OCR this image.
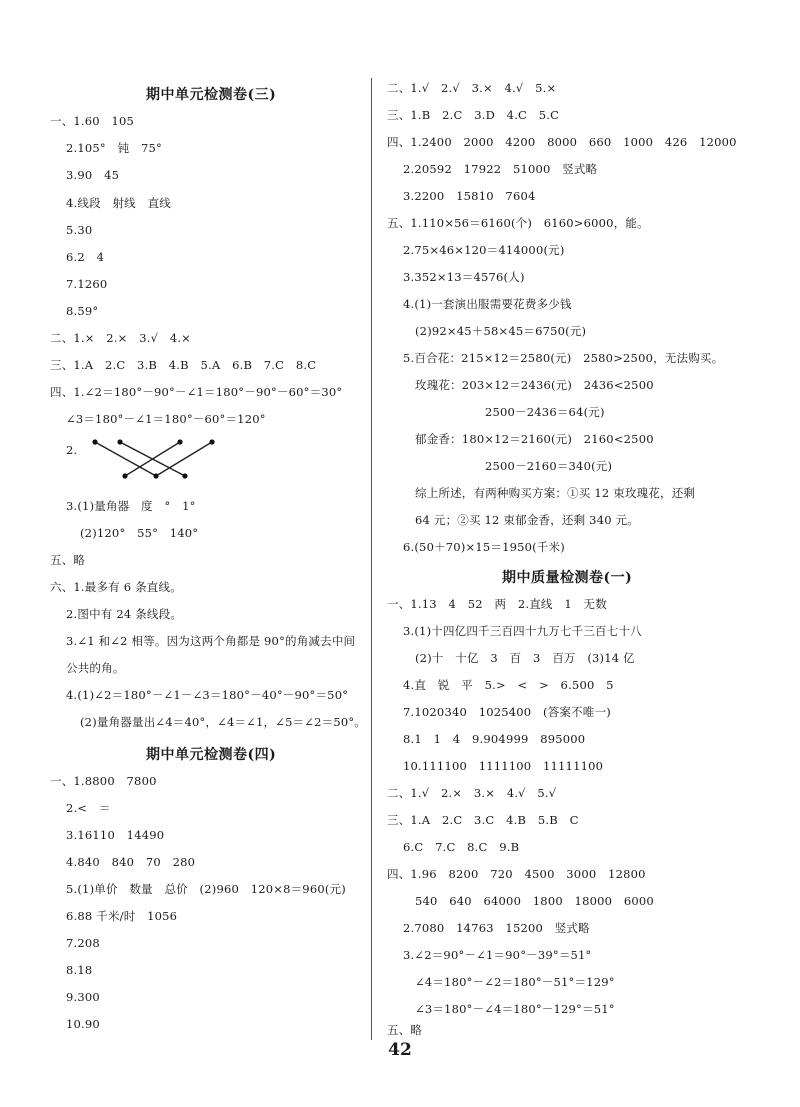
期中单元检测卷(三)
一、1.60　105
2.105°　钝　75°
3.90　45
4.线段　射线　直线
5.30
6.2　4
7.1260
8.59°
二、1.×　2.×　3.√　4.×
三、1.A　2.C　3.B　4.B　5.A　6.B　7.C　8.C
四、1.∠2＝180°－90°－∠1＝180°－90°－60°＝30°
∠3＝180°－∠1＝180°－60°＝120°
2.
3.(1)量角器　度　°　1°
(2)120°　55°　140°
五、略
六、1.最多有 6 条直线。
2.图中有 24 条线段。
3.∠1 和∠2 相等。因为这两个角都是 90°的角减去中间
公共的角。
4.(1)∠2＝180°－∠1－∠3＝180°－40°－90°＝50°
(2)量角器量出∠4＝40°，∠4＝∠1，∠5＝∠2＝50°。
期中单元检测卷(四)
一、1.8800　7800
2.<　＝
3.16110　14490
4.840　840　70　280
5.(1)单价　数量　总价　(2)960　120×8＝960(元)
6.88 千米/时　1056
7.208
8.18
9.300
10.90
二、1.√　2.√　3.×　4.√　5.×
三、1.B　2.C　3.D　4.C　5.C
四、1.2400　2000　4200　8000　660　1000　426　12000
2.20592　17922　51000　竖式略
3.2200　15810　7604
五、1.110×56＝6160(个)　6160>6000，能。
2.75×46×120＝414000(元)
3.352×13＝4576(人)
4.(1)一套演出服需要花费多少钱
(2)92×45＋58×45＝6750(元)
5.百合花：215×12＝2580(元)　2580>2500，无法购买。
玫瑰花：203×12＝2436(元)　2436<2500
2500－2436＝64(元)
郁金香：180×12＝2160(元)　2160<2500
2500－2160＝340(元)
综上所述，有两种购买方案：①买 12 束玫瑰花，还剩
64 元；②买 12 束郁金香，还剩 340 元。
6.(50＋70)×15＝1950(千米)
期中质量检测卷(一)
一、1.13　4　52　两　2.直线　1　无数
3.(1)十四亿四千三百四十九万七千三百七十八
(2)十　十亿　3　百　3　百万　(3)14 亿
4.直　锐　平　5.>　<　>　6.500　5
7.1020340　1025400　(答案不唯一)
8.1　1　4　9.904999　895000
10.111100　1111100　11111100
二、1.√　2.×　3.×　4.√　5.√
三、1.A　2.C　3.C　4.B　5.B　C
6.C　7.C　8.C　9.B
四、1.96　8200　720　4500　3000　12800
540　640　64000　1800　18000　6000
2.7080　14763　15200　竖式略
3.∠2＝90°－∠1＝90°－39°＝51°
∠4＝180°－∠2＝180°－51°＝129°
∠3＝180°－∠4＝180°－129°＝51°
五、略
42
